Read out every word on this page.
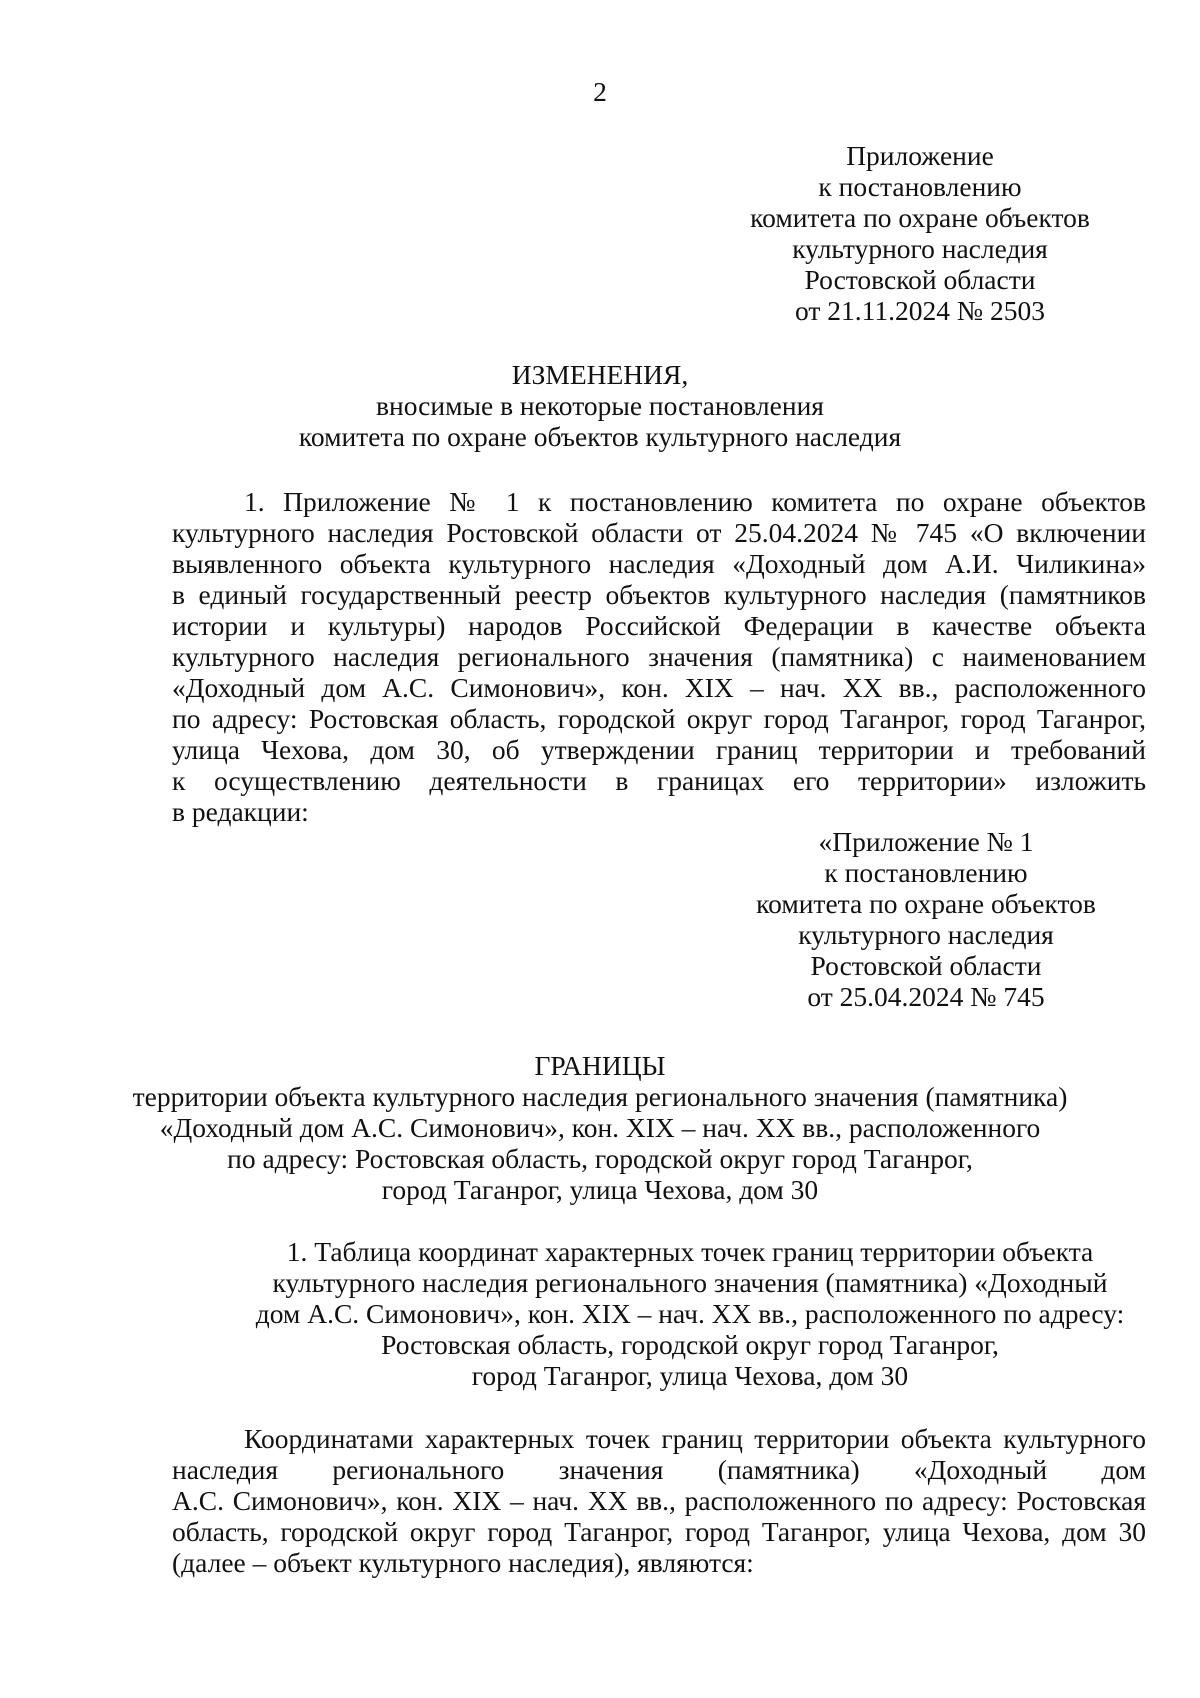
2
Приложение
к постановлению
комитета по охране объектов
культурного наследия
Ростовской области
от 21.11.2024 № 2503
ИЗМЕНЕНИЯ,
вносимые в некоторые постановления
комитета по охране объектов культурного наследия
1. Приложение № 1 к постановлению комитета по охране объектов
культурного наследия Ростовской области от 25.04.2024 № 745 «О включении
выявленного объекта культурного наследия «Доходный дом А.И. Чиликина»
в единый государственный реестр объектов культурного наследия (памятников
истории и культуры) народов Российской Федерации в качестве объекта
культурного наследия регионального значения (памятника) с наименованием
«Доходный дом А.С. Симонович», кон. XIX – нач. XX вв., расположенного
по адресу: Ростовская область, городской округ город Таганрог, город Таганрог,
улица Чехова, дом 30, об утверждении границ территории и требований
к осуществлению деятельности в границах его территории» изложить
в редакции:
«Приложение № 1
к постановлению
комитета по охране объектов
культурного наследия
Ростовской области
от 25.04.2024 № 745
ГРАНИЦЫ
территории объекта культурного наследия регионального значения (памятника)
«Доходный дом А.С. Симонович», кон. XIX – нач. XX вв., расположенного
по адресу: Ростовская область, городской округ город Таганрог,
город Таганрог, улица Чехова, дом 30
1. Таблица координат характерных точек границ территории объекта
культурного наследия регионального значения (памятника) «Доходный
дом А.С. Симонович», кон. XIX – нач. XX вв., расположенного по адресу:
Ростовская область, городской округ город Таганрог,
город Таганрог, улица Чехова, дом 30
Координатами характерных точек границ территории объекта культурного
наследия регионального значения (памятника) «Доходный дом
А.С. Симонович», кон. XIX – нач. XX вв., расположенного по адресу: Ростовская
область, городской округ город Таганрог, город Таганрог, улица Чехова, дом 30
(далее – объект культурного наследия), являются:
